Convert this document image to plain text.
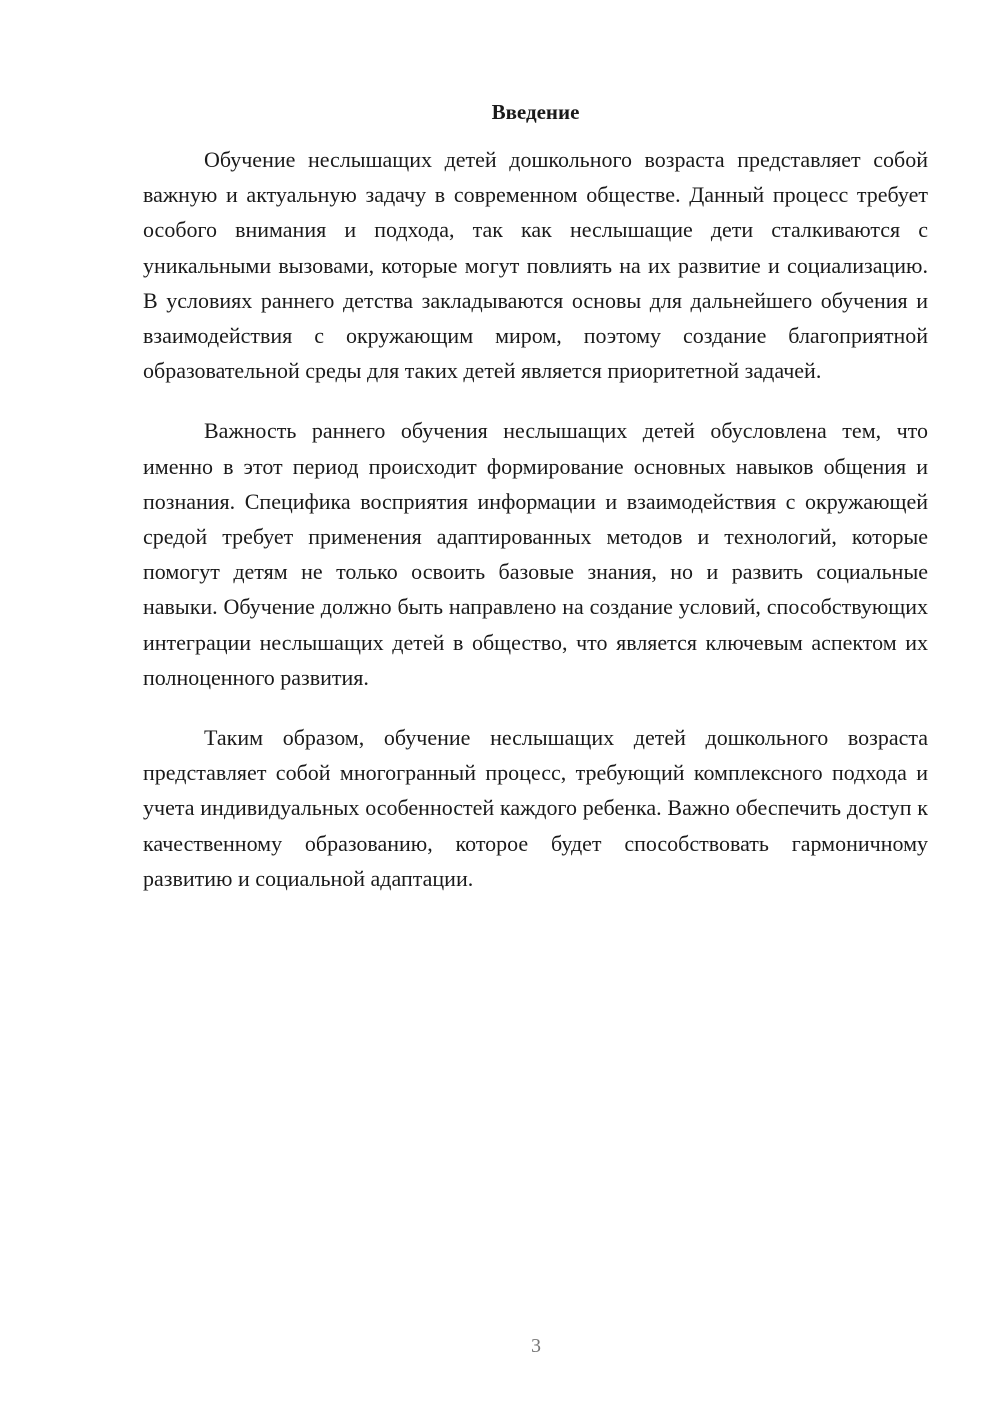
Введение

Обучение неслышащих детей дошкольного возраста представляет собой важную и актуальную задачу в современном обществе. Данный процесс требует особого внимания и подхода, так как неслышащие дети сталкиваются с уникальными вызовами, которые могут повлиять на их развитие и социализацию. В условиях раннего детства закладываются основы для дальнейшего обучения и взаимодействия с окружающим миром, поэтому создание благоприятной образовательной среды для таких детей является приоритетной задачей.

Важность раннего обучения неслышащих детей обусловлена тем, что именно в этот период происходит формирование основных навыков общения и познания. Специфика восприятия информации и взаимодействия с окружающей средой требует применения адаптированных методов и технологий, которые помогут детям не только освоить базовые знания, но и развить социальные навыки. Обучение должно быть направлено на создание условий, способствующих интеграции неслышащих детей в общество, что является ключевым аспектом их полноценного развития.

Таким образом, обучение неслышащих детей дошкольного возраста представляет собой многогранный процесс, требующий комплексного подхода и учета индивидуальных особенностей каждого ребенка. Важно обеспечить доступ к качественному образованию, которое будет способствовать гармоничному развитию и социальной адаптации.

3
